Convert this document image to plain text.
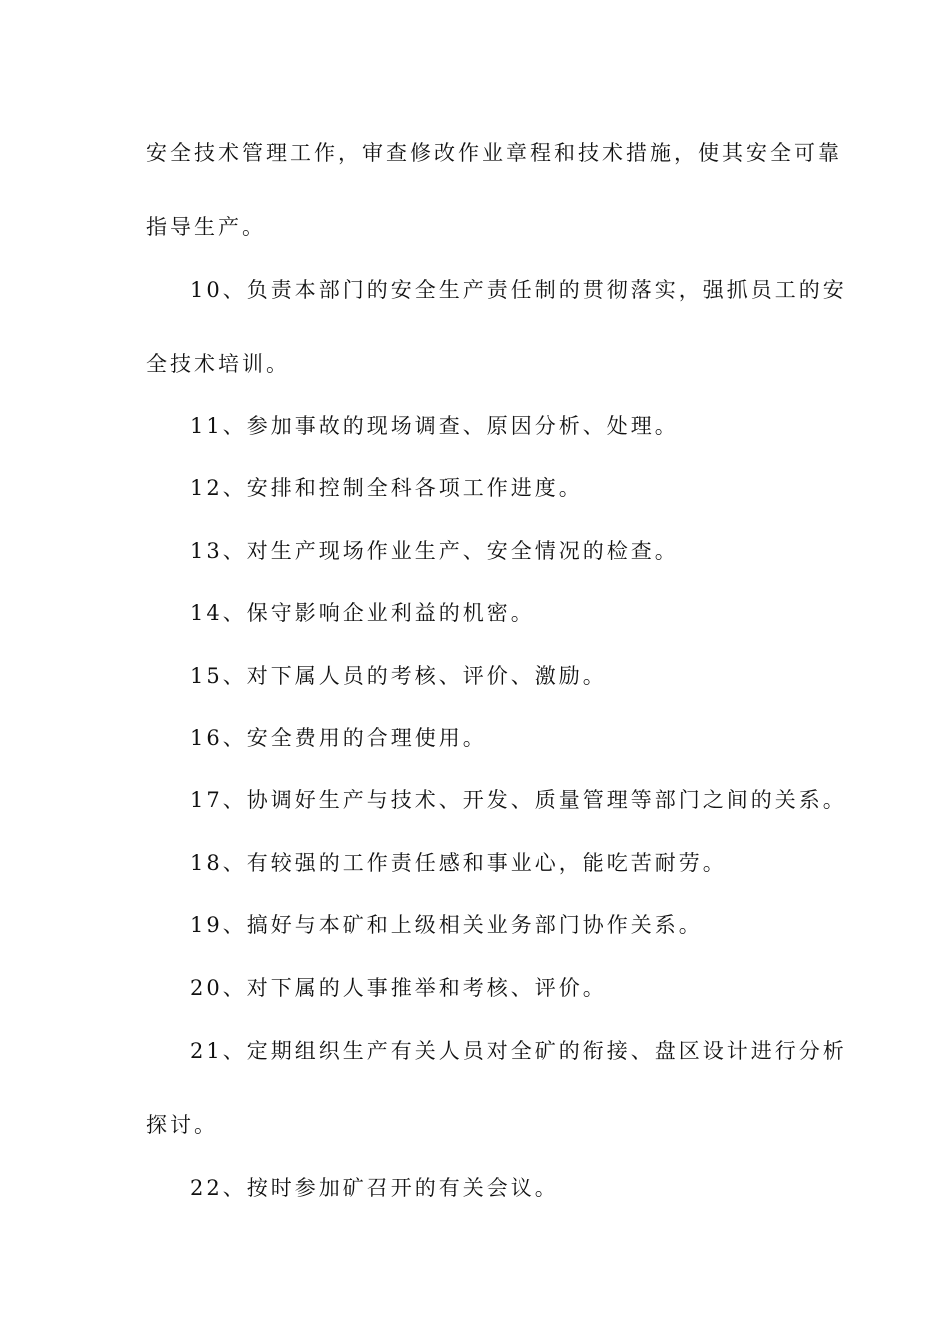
安全技术管理工作，审查修改作业章程和技术措施，使其安全可靠
指导生产。
10、负责本部门的安全生产责任制的贯彻落实，强抓员工的安
全技术培训。
11、参加事故的现场调查、原因分析、处理。
12、安排和控制全科各项工作进度。
13、对生产现场作业生产、安全情况的检查。
14、保守影响企业利益的机密。
15、对下属人员的考核、评价、激励。
16、安全费用的合理使用。
17、协调好生产与技术、开发、质量管理等部门之间的关系。
18、有较强的工作责任感和事业心，能吃苦耐劳。
19、搞好与本矿和上级相关业务部门协作关系。
20、对下属的人事推举和考核、评价。
21、定期组织生产有关人员对全矿的衔接、盘区设计进行分析
探讨。
22、按时参加矿召开的有关会议。
